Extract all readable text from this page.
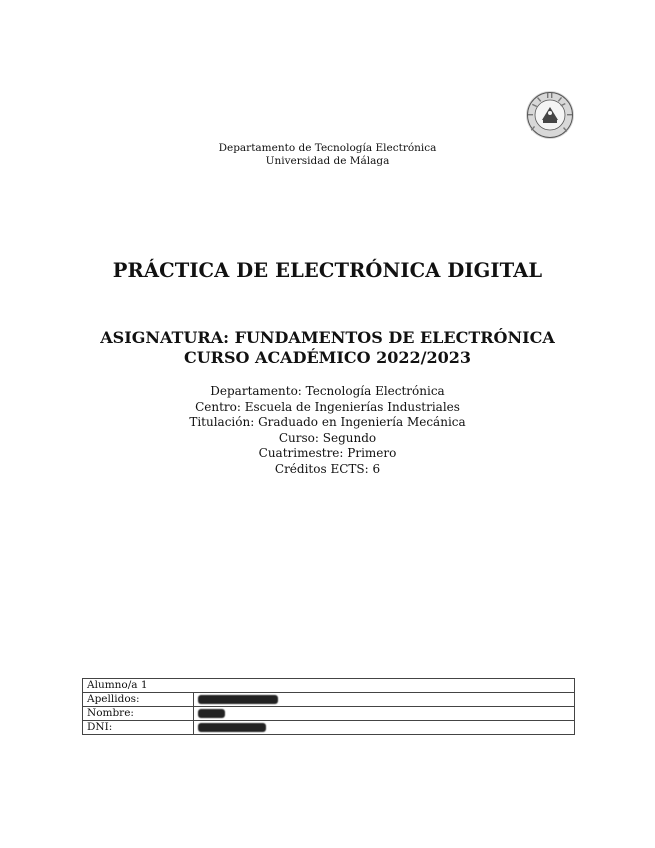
Departamento de Tecnología Electrónica
Universidad de Málaga
PRÁCTICA DE ELECTRÓNICA DIGITAL
ASIGNATURA: FUNDAMENTOS DE ELECTRÓNICA
CURSO ACADÉMICO 2022/2023
Departamento: Tecnología Electrónica
Centro: Escuela de Ingenierías Industriales
Titulación: Graduado en Ingeniería Mecánica
Curso: Segundo
Cuatrimestre: Primero
Créditos ECTS: 6
Alumno/a 1	
Apellidos:	
Nombre:	
DNI:	
